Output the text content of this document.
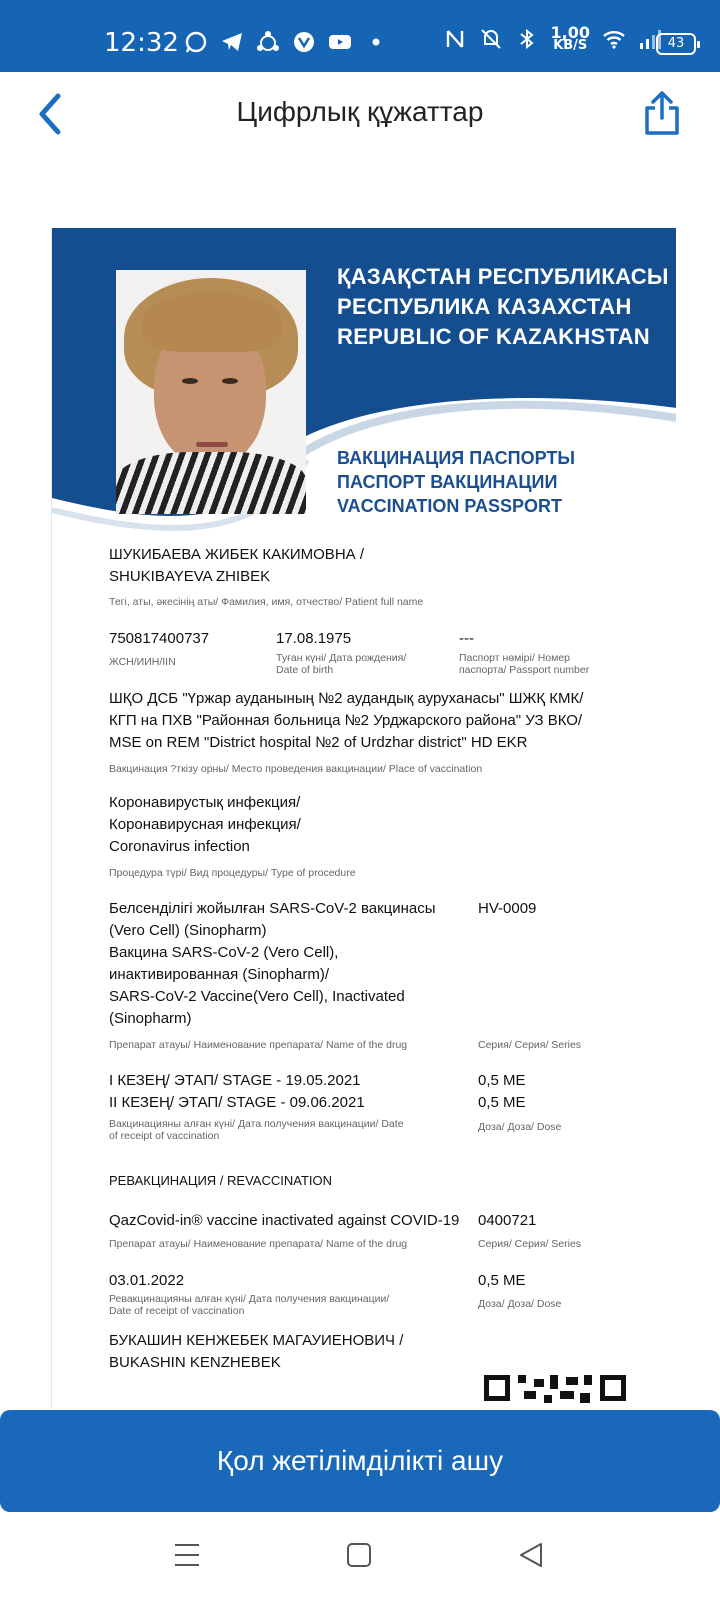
12:32	1,00
KB/S	43
Цифрлық құжаттар
ҚАЗАҚСТАН РЕСПУБЛИКАСЫ
РЕСПУБЛИКА КАЗАХСТАН
REPUBLIC OF KAZAKHSTAN
ВАКЦИНАЦИЯ ПАСПОРТЫ
ПАСПОРТ ВАКЦИНАЦИИ
VACCINATION PASSPORT
ШУКИБАЕВА ЖИБЕК КАКИМОВНА /
SHUKIBAYEVA ZHIBEK
Тегі, аты, әкесінің аты/ Фамилия, имя, отчество/ Patient full name
750817400737
ЖСН/ИИН/IIN
17.08.1975
Туған күні/ Дата рождения/
Date of birth
---
Паспорт нөмірі/ Номер
паспорта/ Passport number
ШҚО ДСБ "Үржар ауданының №2 аудандық ауруханасы" ШЖҚ КМК/
КГП на ПХВ "Районная больница №2 Урджарского района" УЗ ВКО/
MSE on REM "District hospital №2 of Urdzhar district" HD EKR
Вакцинация ?ткізу орны/ Место проведения вакцинации/ Place of vaccination
Коронавирустық инфекция/
Коронавирусная инфекция/
Coronavirus infection
Процедура түрі/ Вид процедуры/ Type of procedure
Белсенділігі жойылған SARS-CoV-2 вакцинасы
(Vero Cell) (Sinopharm)
Вакцина SARS-CoV-2 (Vero Cell),
инактивированная (Sinopharm)/
SARS-CoV-2 Vaccine(Vero Cell), Inactivated
(Sinopharm)
Препарат атауы/ Наименование препарата/ Name of the drug
HV-0009
Серия/ Серия/ Series
I КЕЗЕҢ/ ЭТАП/ STAGE - 19.05.2021
II КЕЗЕҢ/ ЭТАП/ STAGE - 09.06.2021
Вакцинацияны алған күні/ Дата получения вакцинации/ Date
of receipt of vaccination
0,5 МЕ
0,5 МЕ
Доза/ Доза/ Dose
РЕВАКЦИНАЦИЯ / REVACCINATION
QazCovid-in® vaccine inactivated against COVID-19
Препарат атауы/ Наименование препарата/ Name of the drug
0400721
Серия/ Серия/ Series
03.01.2022
Ревакцинацияны алған күні/ Дата получения вакцинации/
Date of receipt of vaccination
0,5 МЕ
Доза/ Доза/ Dose
БУКАШИН КЕНЖЕБЕК МАГАУИЕНОВИЧ /
BUKASHIN KENZHEBEK
Қол жетілімділікті ашу
